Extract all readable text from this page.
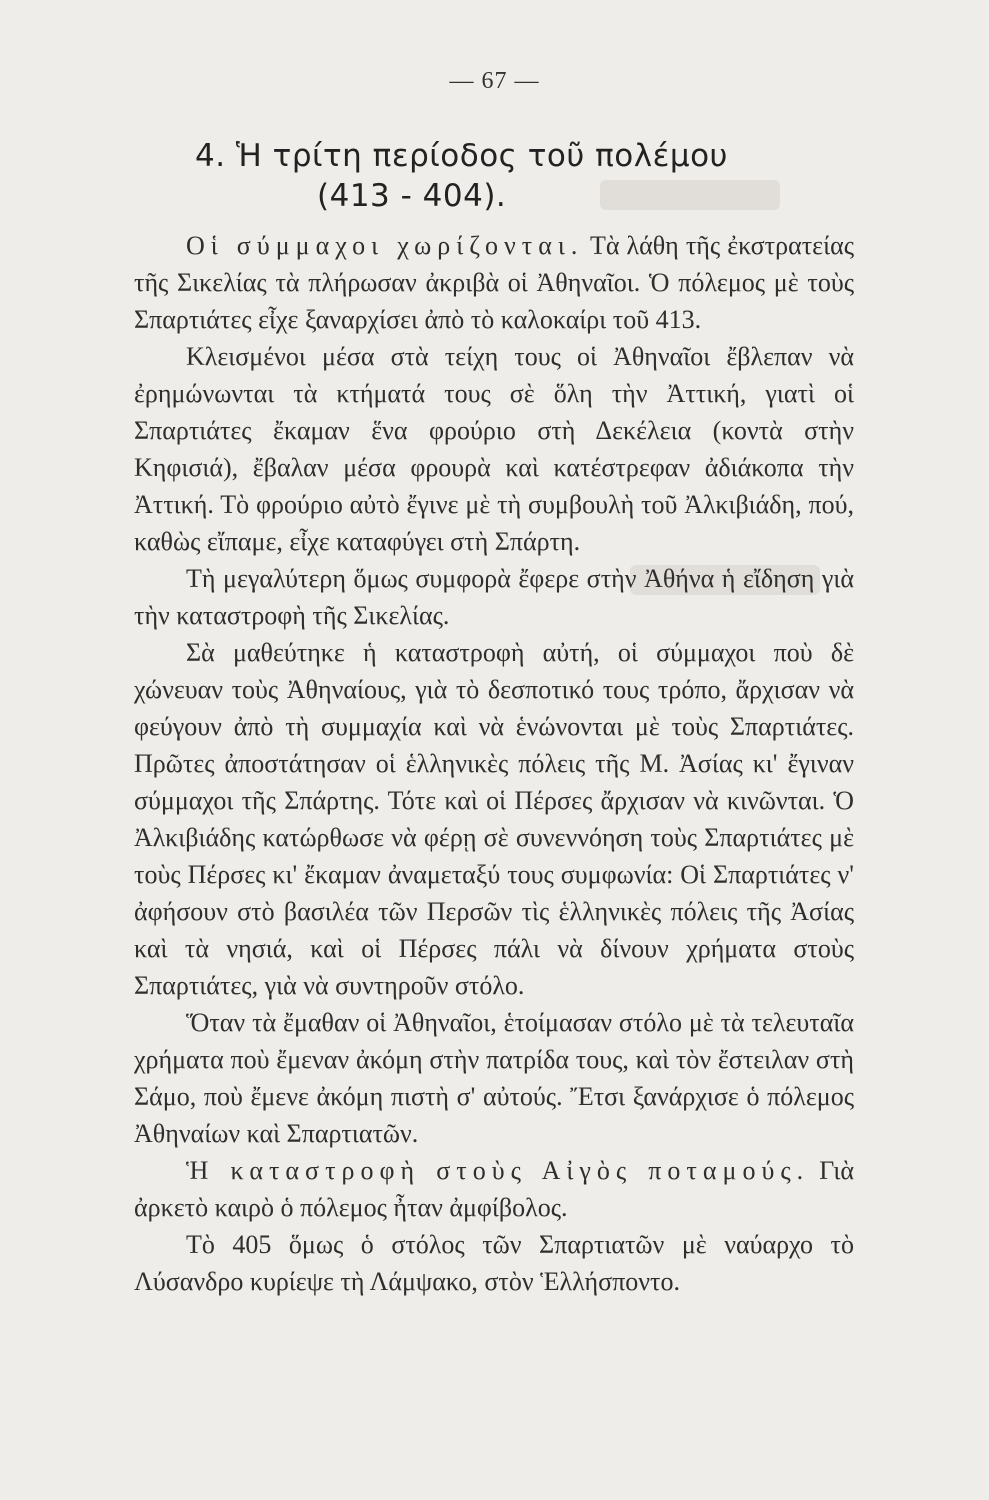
— 67 —
4. Ἡ τρίτη περίοδος τοῦ πολέμου
(413 - 404).

Οἱ σύμμαχοι χωρίζονται. Τὰ λάθη τῆς ἐκστρατείας τῆς Σικελίας τὰ πλήρωσαν ἀκριβὰ οἱ Ἀθηναῖοι. Ὁ πόλεμος μὲ τοὺς Σπαρτιάτες εἶχε ξαναρχίσει ἀπὸ τὸ καλοκαίρι τοῦ 413.

Κλεισμένοι μέσα στὰ τείχη τους οἱ Ἀθηναῖοι ἔβλεπαν νὰ ἐρημώνωνται τὰ κτήματά τους σὲ ὅλη τὴν Ἀττική, γιατὶ οἱ Σπαρτιάτες ἔκαμαν ἕνα φρούριο στὴ Δεκέλεια (κοντὰ στὴν Κηφισιά), ἔβαλαν μέσα φρουρὰ καὶ κατέστρεφαν ἀδιάκοπα τὴν Ἀττική. Τὸ φρούριο αὐτὸ ἔγινε μὲ τὴ συμβουλὴ τοῦ Ἀλκιβιάδη, πού, καθὼς εἴπαμε, εἶχε καταφύγει στὴ Σπάρτη.

Τὴ μεγαλύτερη ὅμως συμφορὰ ἔφερε στὴν Ἀθήνα ἡ εἴδηση γιὰ τὴν καταστροφὴ τῆς Σικελίας.

Σὰ μαθεύτηκε ἡ καταστροφὴ αὐτή, οἱ σύμμαχοι ποὺ δὲ χώνευαν τοὺς Ἀθηναίους, γιὰ τὸ δεσποτικό τους τρόπο, ἄρχισαν νὰ φεύγουν ἀπὸ τὴ συμμαχία καὶ νὰ ἑνώνονται μὲ τοὺς Σπαρτιάτες. Πρῶτες ἀποστάτησαν οἱ ἑλληνικὲς πόλεις τῆς Μ. Ἀσίας κι' ἔγιναν σύμμαχοι τῆς Σπάρτης. Τότε καὶ οἱ Πέρσες ἄρχισαν νὰ κινῶνται. Ὁ Ἀλκιβιάδης κατώρθωσε νὰ φέρῃ σὲ συνεννόηση τοὺς Σπαρτιάτες μὲ τοὺς Πέρσες κι' ἔκαμαν ἀναμεταξύ τους συμφωνία: Οἱ Σπαρτιάτες ν' ἀφήσουν στὸ βασιλέα τῶν Περσῶν τὶς ἑλληνικὲς πόλεις τῆς Ἀσίας καὶ τὰ νησιά, καὶ οἱ Πέρσες πάλι νὰ δίνουν χρήματα στοὺς Σπαρτιάτες, γιὰ νὰ συντηροῦν στόλο.

Ὅταν τὰ ἔμαθαν οἱ Ἀθηναῖοι, ἑτοίμασαν στόλο μὲ τὰ τελευταῖα χρήματα ποὺ ἔμεναν ἀκόμη στὴν πατρίδα τους, καὶ τὸν ἔστειλαν στὴ Σάμο, ποὺ ἔμενε ἀκόμη πιστὴ σ' αὐτούς. Ἔτσι ξανάρχισε ὁ πόλεμος Ἀθηναίων καὶ Σπαρτιατῶν.

Ἡ καταστροφὴ στοὺς Αἰγὸς ποταμούς. Γιὰ ἀρκετὸ καιρὸ ὁ πόλεμος ἦταν ἀμφίβολος.

Τὸ 405 ὅμως ὁ στόλος τῶν Σπαρτιατῶν μὲ ναύαρχο τὸ Λύσανδρο κυρίεψε τὴ Λάμψακο, στὸν Ἑλλήσποντο.
